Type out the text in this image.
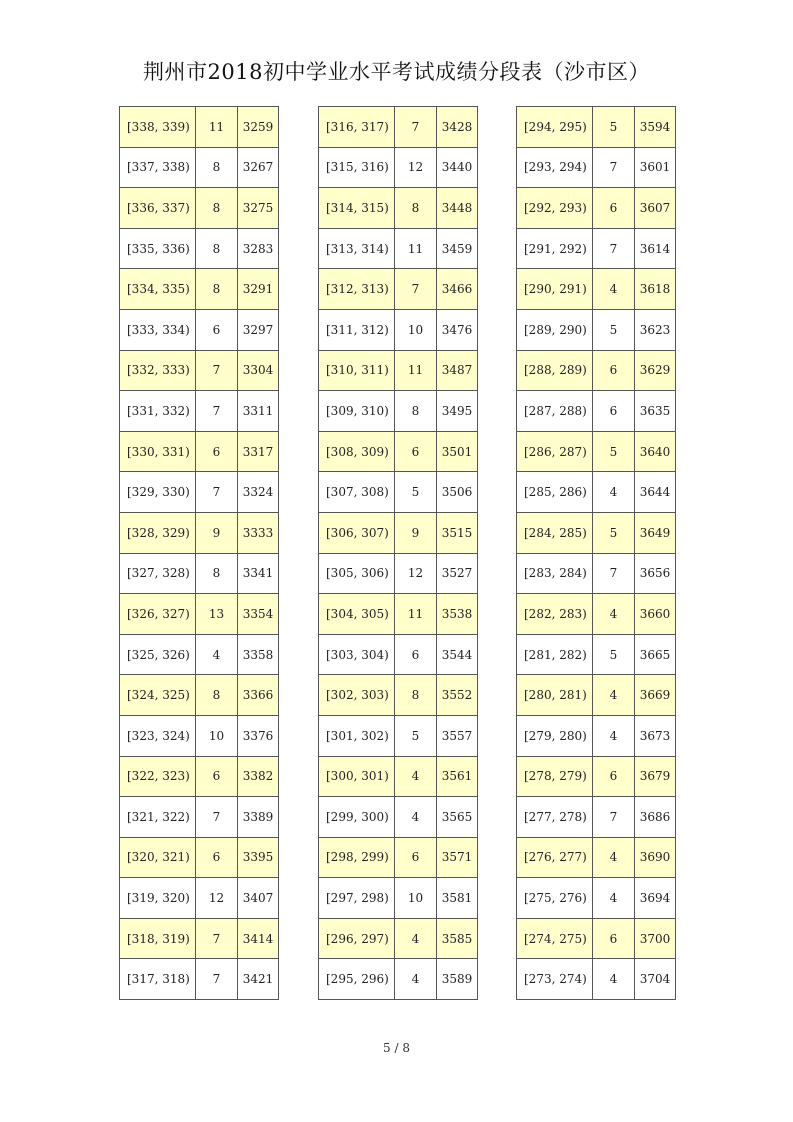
荆州市2018初中学业水平考试成绩分段表（沙市区）
[338, 339)	11	3259
[337, 338)	8	3267
[336, 337)	8	3275
[335, 336)	8	3283
[334, 335)	8	3291
[333, 334)	6	3297
[332, 333)	7	3304
[331, 332)	7	3311
[330, 331)	6	3317
[329, 330)	7	3324
[328, 329)	9	3333
[327, 328)	8	3341
[326, 327)	13	3354
[325, 326)	4	3358
[324, 325)	8	3366
[323, 324)	10	3376
[322, 323)	6	3382
[321, 322)	7	3389
[320, 321)	6	3395
[319, 320)	12	3407
[318, 319)	7	3414
[317, 318)	7	3421
[316, 317)	7	3428
[315, 316)	12	3440
[314, 315)	8	3448
[313, 314)	11	3459
[312, 313)	7	3466
[311, 312)	10	3476
[310, 311)	11	3487
[309, 310)	8	3495
[308, 309)	6	3501
[307, 308)	5	3506
[306, 307)	9	3515
[305, 306)	12	3527
[304, 305)	11	3538
[303, 304)	6	3544
[302, 303)	8	3552
[301, 302)	5	3557
[300, 301)	4	3561
[299, 300)	4	3565
[298, 299)	6	3571
[297, 298)	10	3581
[296, 297)	4	3585
[295, 296)	4	3589
[294, 295)	5	3594
[293, 294)	7	3601
[292, 293)	6	3607
[291, 292)	7	3614
[290, 291)	4	3618
[289, 290)	5	3623
[288, 289)	6	3629
[287, 288)	6	3635
[286, 287)	5	3640
[285, 286)	4	3644
[284, 285)	5	3649
[283, 284)	7	3656
[282, 283)	4	3660
[281, 282)	5	3665
[280, 281)	4	3669
[279, 280)	4	3673
[278, 279)	6	3679
[277, 278)	7	3686
[276, 277)	4	3690
[275, 276)	4	3694
[274, 275)	6	3700
[273, 274)	4	3704
5 / 8
